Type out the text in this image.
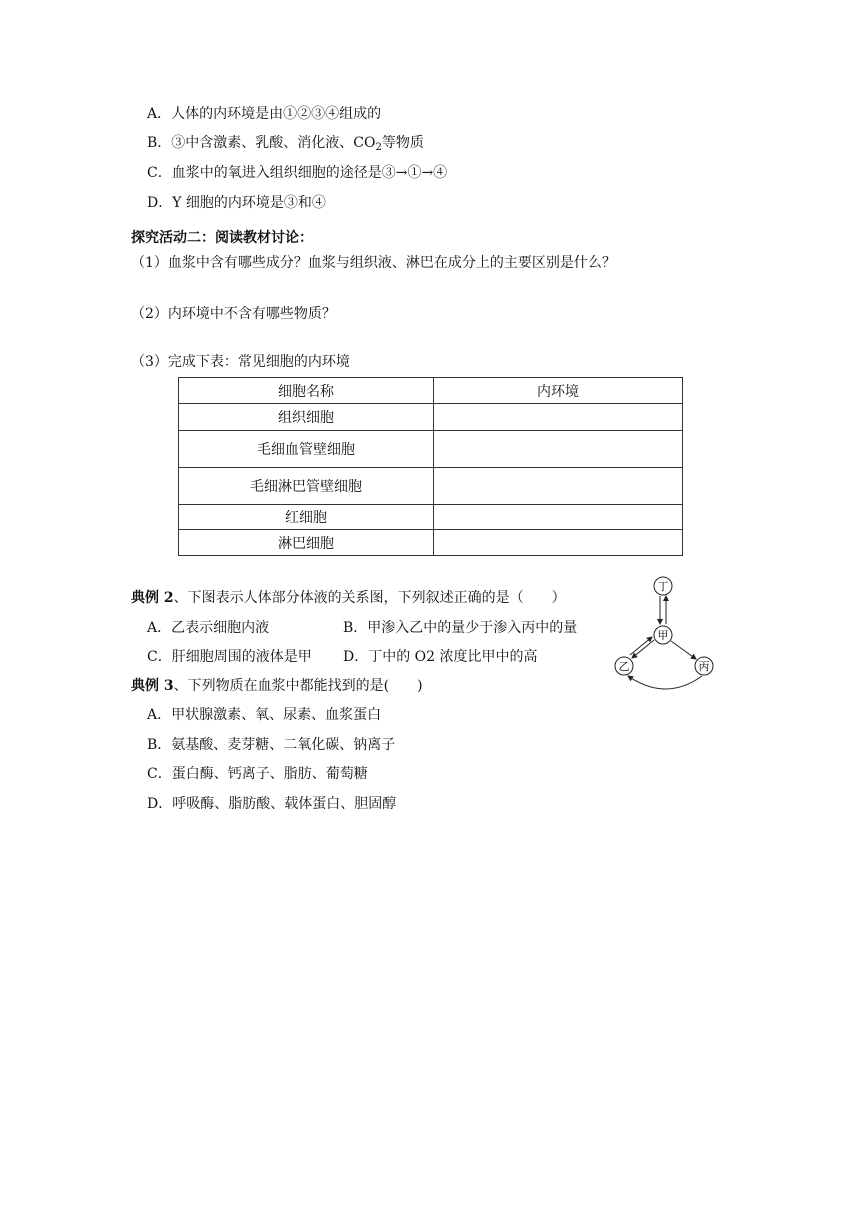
A．人体的内环境是由①②③④组成的
B．③中含激素、乳酸、消化液、$CO_2$等物质
C．血浆中的氧进入组织细胞的途径是③→①→④
D．Y 细胞的内环境是③和④
探究活动二：阅读教材讨论：
（1）血浆中含有哪些成分？血浆与组织液、淋巴在成分上的主要区别是什么？
（2）内环境中不含有哪些物质？
（3）完成下表：常见细胞的内环境
细胞名称	内环境
组织细胞	
毛细血管壁细胞	
毛细淋巴管壁细胞	
红细胞	
淋巴细胞	
典例 2、下图表示人体部分体液的关系图，下列叙述正确的是（　　）
A．乙表示细胞内液	B．甲渗入乙中的量少于渗入丙中的量
C．肝细胞周围的液体是甲 D．丁中的 O2 浓度比甲中的高
丁
甲
乙	丙
典例 3、下列物质在血浆中都能找到的是(　　)
A．甲状腺激素、氧、尿素、血浆蛋白
B．氨基酸、麦芽糖、二氧化碳、钠离子
C．蛋白酶、钙离子、脂肪、葡萄糖
D．呼吸酶、脂肪酸、载体蛋白、胆固醇
